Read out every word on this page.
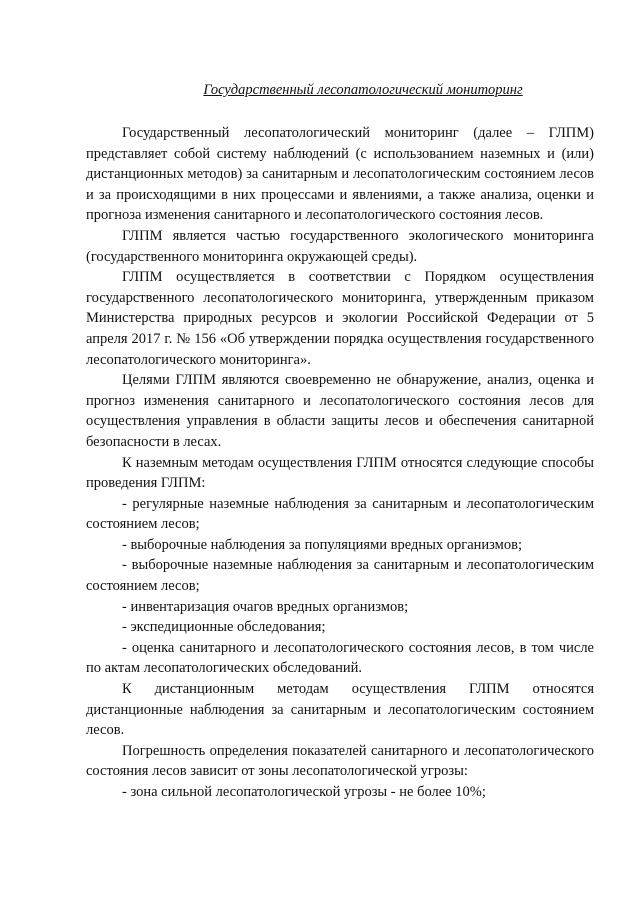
Государственный лесопатологический мониторинг

Государственный лесопатологический мониторинг (далее – ГЛПМ) представляет собой систему наблюдений (с использованием наземных и (или) дистанционных методов) за санитарным и лесопатологическим состоянием лесов и за происходящими в них процессами и явлениями, а также анализа, оценки и прогноза изменения санитарного и лесопатологического состояния лесов.

ГЛПМ является частью государственного экологического мониторинга (государственного мониторинга окружающей среды).

ГЛПМ осуществляется в соответствии с Порядком осуществления государственного лесопатологического мониторинга, утвержденным приказом Министерства природных ресурсов и экологии Российской Федерации от 5 апреля 2017 г. № 156 «Об утверждении порядка осуществления государственного лесопатологического мониторинга».

Целями ГЛПМ являются своевременно не обнаружение, анализ, оценка и прогноз изменения санитарного и лесопатологического состояния лесов для осуществления управления в области защиты лесов и обеспечения санитарной безопасности в лесах.

К наземным методам осуществления ГЛПМ относятся следующие способы проведения ГЛПМ:

- регулярные наземные наблюдения за санитарным и лесопатологическим состоянием лесов;

- выборочные наблюдения за популяциями вредных организмов;

- выборочные наземные наблюдения за санитарным и лесопатологическим состоянием лесов;

- инвентаризация очагов вредных организмов;

- экспедиционные обследования;

- оценка санитарного и лесопатологического состояния лесов, в том числе по актам лесопатологических обследований.

К дистанционным методам осуществления ГЛПМ относятся дистанционные наблюдения за санитарным и лесопатологическим состоянием лесов.

Погрешность определения показателей санитарного и лесопатологического состояния лесов зависит от зоны лесопатологической угрозы:

- зона сильной лесопатологической угрозы - не более 10%;
